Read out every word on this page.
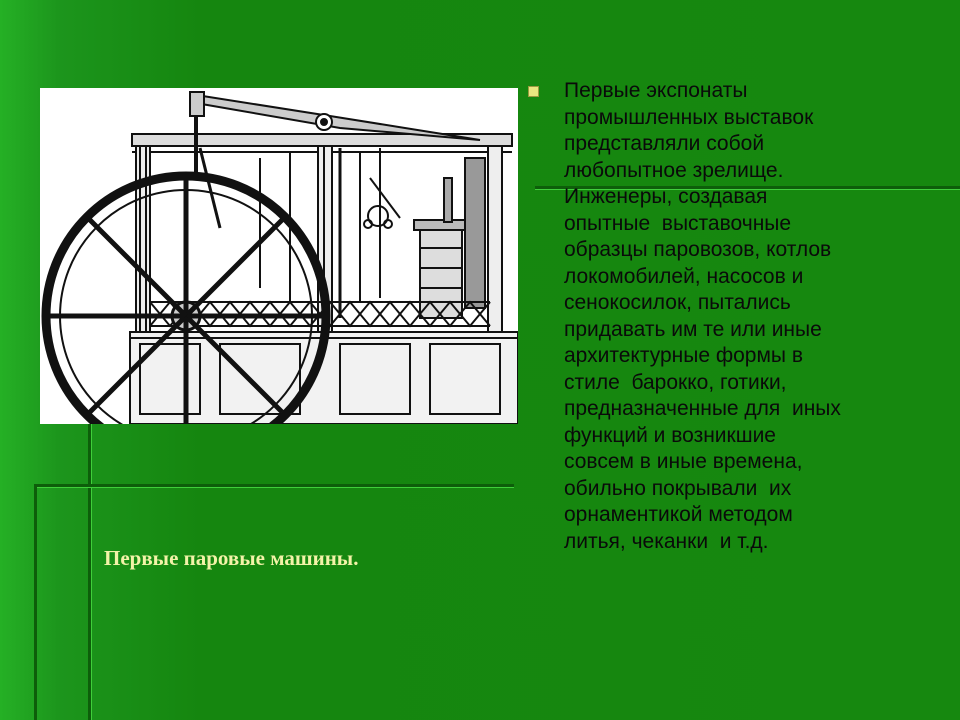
Первые паровые машины.

Первые экспонаты
промышленных выставок
представляли собой
любопытное зрелище.
Инженеры, создавая
опытные  выставочные
образцы паровозов, котлов
локомобилей, насосов и
сенокосилок, пытались
придавать им те или иные
архитектурные формы в
стиле  барокко, готики,
предназначенные для  иных
функций и возникшие
совсем в иные времена,
обильно покрывали  их
орнаментикой методом
литья, чеканки  и т.д.
